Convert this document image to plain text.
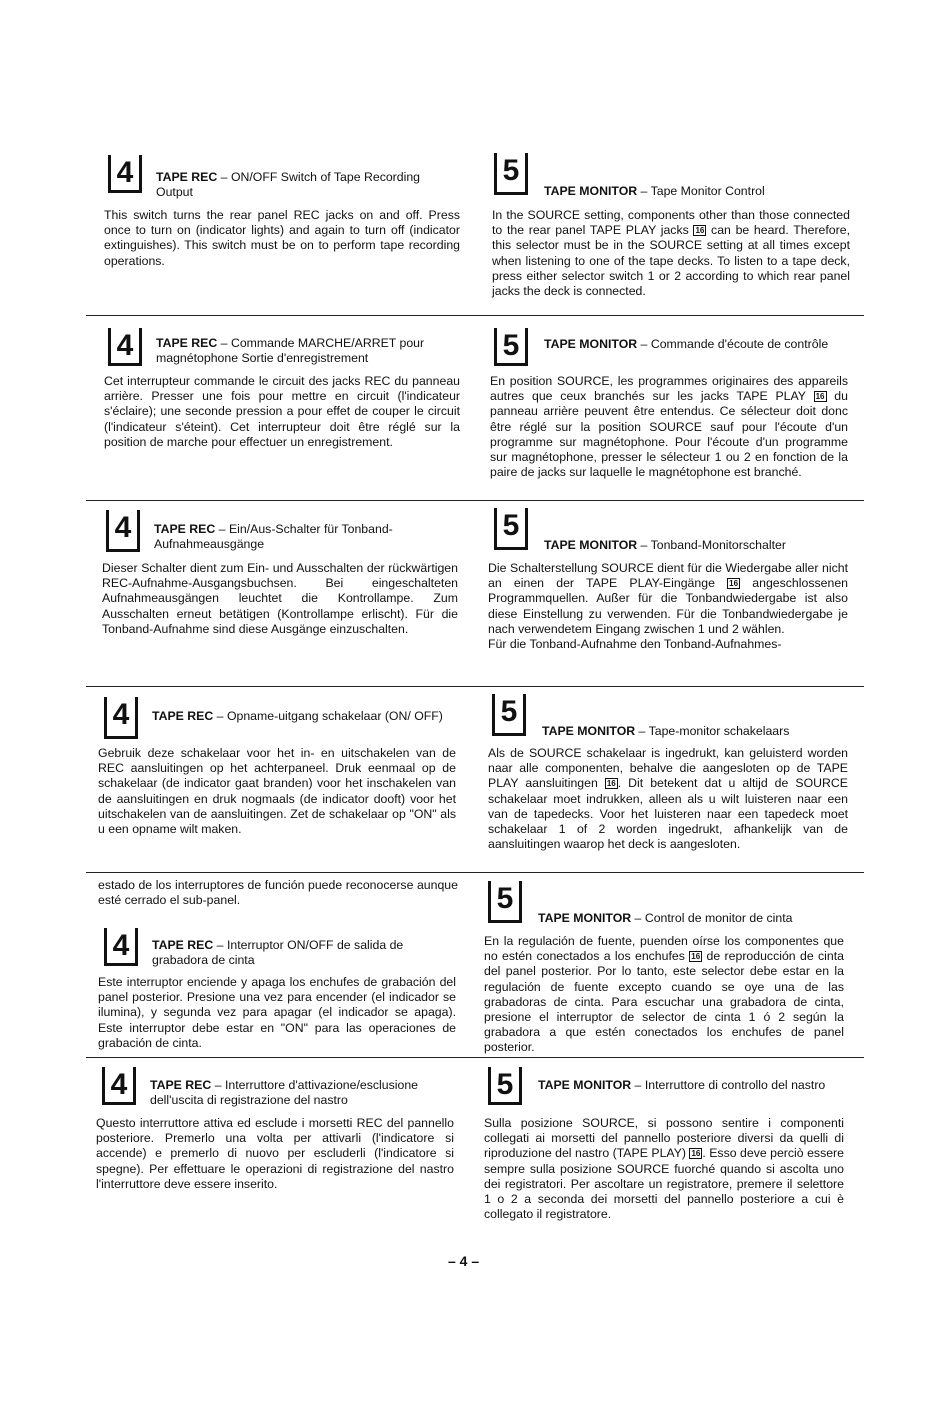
4	TAPE REC – ON/OFF Switch of Tape Recording Output
This switch turns the rear panel REC jacks on and off. Press once to turn on (indicator lights) and again to turn off (indicator extinguishes). This switch must be on to perform tape recording operations.
5
TAPE MONITOR – Tape Monitor Control
In the SOURCE setting, components other than those connected to the rear panel TAPE PLAY jacks 16 can be heard. Therefore, this selector must be in the SOURCE setting at all times except when listening to one of the tape decks. To listen to a tape deck, press either selector switch 1 or 2 according to which rear panel jacks the deck is connected.
4	TAPE REC – Commande MARCHE/ARRET pour magnétophone Sortie d'enregistrement
Cet interrupteur commande le circuit des jacks REC du panneau arrière. Presser une fois pour mettre en circuit (l'indicateur s'éclaire); une seconde pression a pour effet de couper le circuit (l'indicateur s'éteint). Cet interrupteur doit être réglé sur la position de marche pour effectuer un enregistrement.
5	TAPE MONITOR – Commande d'écoute de contrôle
En position SOURCE, les programmes originaires des appareils autres que ceux branchés sur les jacks TAPE PLAY 16 du panneau arrière peuvent être entendus. Ce sélecteur doit donc être réglé sur la position SOURCE sauf pour l'écoute d'un programme sur magnétophone. Pour l'écoute d'un programme sur magnétophone, presser le sélecteur 1 ou 2 en fonction de la paire de jacks sur laquelle le magnétophone est branché.
4	TAPE REC – Ein/Aus-Schalter für Tonband-Aufnahmeausgänge
Dieser Schalter dient zum Ein- und Ausschalten der rückwärtigen REC-Aufnahme-Ausgangsbuchsen. Bei eingeschalteten Aufnahmeausgängen leuchtet die Kontrollampe. Zum Ausschalten erneut betätigen (Kontrollampe erlischt). Für die Tonband-Aufnahme sind diese Ausgänge einzuschalten.
5
TAPE MONITOR – Tonband-Monitorschalter
Die Schalterstellung SOURCE dient für die Wiedergabe aller nicht an einen der TAPE PLAY-Eingänge 16 angeschlossenen Programmquellen. Außer für die Tonbandwiedergabe ist also diese Einstellung zu verwenden. Für die Tonbandwiedergabe je nach verwendetem Eingang zwischen 1 und 2 wählen.
Für die Tonband-Aufnahme den Tonband-Aufnahmes-
4	TAPE REC – Opname-uitgang schakelaar (ON/ OFF)
Gebruik deze schakelaar voor het in- en uitschakelen van de REC aansluitingen op het achterpaneel. Druk eenmaal op de schakelaar (de indicator gaat branden) voor het inschakelen van de aansluitingen en druk nogmaals (de indicator dooft) voor het uitschakelen van de aansluitingen. Zet de schakelaar op "ON" als u een opname wilt maken.
5
TAPE MONITOR – Tape-monitor schakelaars
Als de SOURCE schakelaar is ingedrukt, kan geluisterd worden naar alle componenten, behalve die aangesloten op de TAPE PLAY aansluitingen 16 . Dit betekent dat u altijd de SOURCE schakelaar moet indrukken, alleen als u wilt luisteren naar een van de tapedecks. Voor het luisteren naar een tapedeck moet schakelaar 1 of 2 worden ingedrukt, afhankelijk van de aansluitingen waarop het deck is aangesloten.
estado de los interruptores de función puede reconocerse aunque esté cerrado el sub-panel.
4	TAPE REC – Interruptor ON/OFF de salida de grabadora de cinta
Este interruptor enciende y apaga los enchufes de grabación del panel posterior. Presione una vez para encender (el indicador se ilumina), y segunda vez para apagar (el indicador se apaga). Este interruptor debe estar en "ON" para las operaciones de grabación de cinta.
5
TAPE MONITOR – Control de monitor de cinta
En la regulación de fuente, puenden oírse los componentes que no estén conectados a los enchufes 16 de reproducción de cinta del panel posterior. Por lo tanto, este selector debe estar en la regulación de fuente excepto cuando se oye una de las grabadoras de cinta. Para escuchar una grabadora de cinta, presione el interruptor de selector de cinta 1 ó 2 según la grabadora a que estén conectados los enchufes de panel posterior.
4	TAPE REC – Interruttore d'attivazione/esclusione dell'uscita di registrazione del nastro
Questo interruttore attiva ed esclude i morsetti REC del pannello posteriore. Premerlo una volta per attivarli (l'indicatore si accende) e premerlo di nuovo per escluderli (l'indicatore si spegne). Per effettuare le operazioni di registrazione del nastro l'interruttore deve essere inserito.
5	TAPE MONITOR – Interruttore di controllo del nastro
Sulla posizione SOURCE, si possono sentire i componenti collegati ai morsetti del pannello posteriore diversi da quelli di riproduzione del nastro (TAPE PLAY) 16 . Esso deve perciò essere sempre sulla posizione SOURCE fuorché quando si ascolta uno dei registratori. Per ascoltare un registratore, premere il selettore 1 o 2 a seconda dei morsetti del pannello posteriore a cui è collegato il registratore.
– 4 –
